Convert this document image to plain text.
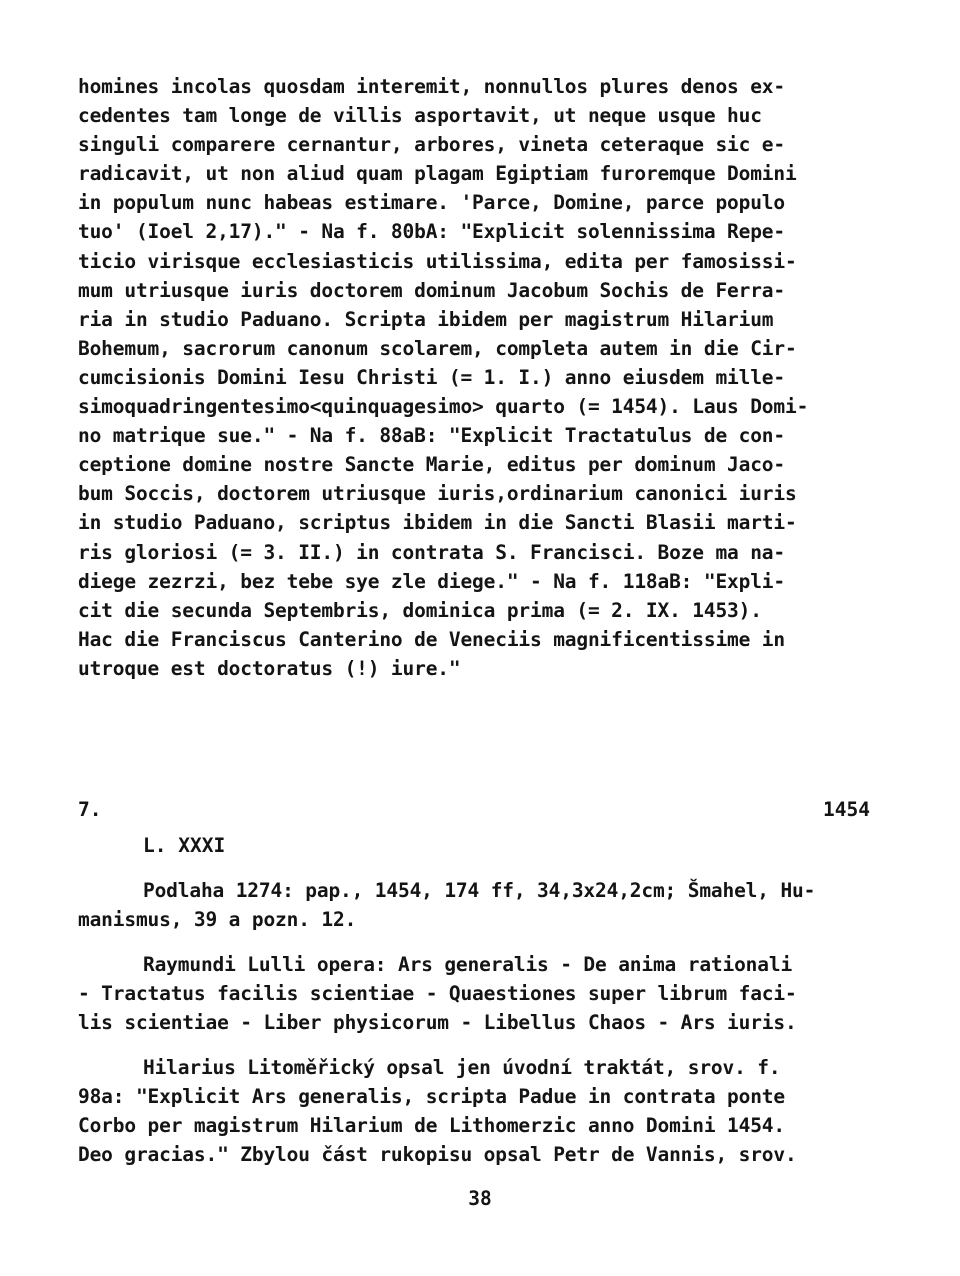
homines incolas quosdam interemit, nonnullos plures denos ex-
cedentes tam longe de villis asportavit, ut neque usque huc
singuli comparere cernantur, arbores, vineta ceteraque sic e-
radicavit, ut non aliud quam plagam Egiptiam furoremque Domini
in populum nunc habeas estimare. 'Parce, Domine, parce populo
tuo' (Ioel 2,17)." - Na f. 80bA: "Explicit solennissima Repe-
ticio virisque ecclesiasticis utilissima, edita per famosissi-
mum utriusque iuris doctorem dominum Jacobum Sochis de Ferra-
ria in studio Paduano. Scripta ibidem per magistrum Hilarium
Bohemum, sacrorum canonum scolarem, completa autem in die Cir-
cumcisionis Domini Iesu Christi (= 1. I.) anno eiusdem mille-
simoquadringentesimo<quinquagesimo> quarto (= 1454). Laus Domi-
no matrique sue." - Na f. 88aB: "Explicit Tractatulus de con-
ceptione domine nostre Sancte Marie, editus per dominum Jaco-
bum Soccis, doctorem utriusque iuris,ordinarium canonici iuris
in studio Paduano, scriptus ibidem in die Sancti Blasii marti-
ris gloriosi (= 3. II.) in contrata S. Francisci. Boze ma na-
diege zezrzi, bez tebe sye zle diege." - Na f. 118aB: "Expli-
cit die secunda Septembris, dominica prima (= 2. IX. 1453).
Hac die Franciscus Canterino de Veneciis magnificentissime in
utroque est doctoratus (!) iure."
7.	1454
L. XXXI
Podlaha 1274: pap., 1454, 174 ff, 34,3x24,2cm; Šmahel, Hu-
manismus, 39 a pozn. 12.
Raymundi Lulli opera: Ars generalis - De anima rationali
- Tractatus facilis scientiae - Quaestiones super librum faci-
lis scientiae - Liber physicorum - Libellus Chaos - Ars iuris.
Hilarius Litoměřický opsal jen úvodní traktát, srov. f.
98a: "Explicit Ars generalis, scripta Padue in contrata ponte
Corbo per magistrum Hilarium de Lithomerzic anno Domini 1454.
Deo gracias." Zbylou část rukopisu opsal Petr de Vannis, srov.
38
